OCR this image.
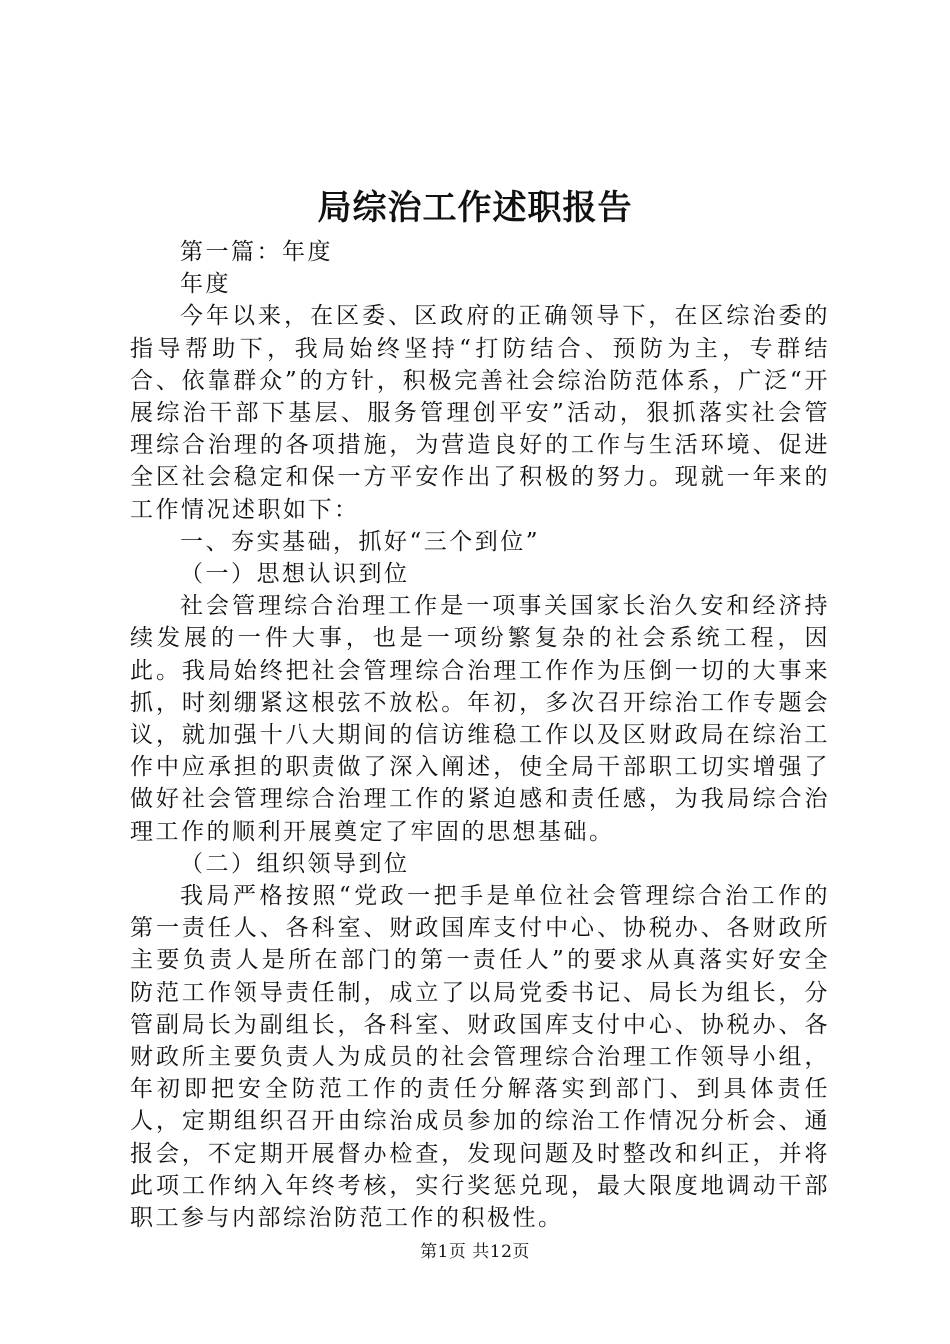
局综治工作述职报告

第一篇：年度

年度

今年以来，在区委、区政府的正确领导下，在区综治委的指导帮助下，我局始终坚持“打防结合、预防为主，专群结合、依靠群众”的方针，积极完善社会综治防范体系，广泛“开展综治干部下基层、服务管理创平安”活动，狠抓落实社会管理综合治理的各项措施，为营造良好的工作与生活环境、促进全区社会稳定和保一方平安作出了积极的努力。现就一年来的工作情况述职如下：

一、夯实基础，抓好“三个到位”

（一）思想认识到位

社会管理综合治理工作是一项事关国家长治久安和经济持续发展的一件大事，也是一项纷繁复杂的社会系统工程，因此。我局始终把社会管理综合治理工作作为压倒一切的大事来抓，时刻绷紧这根弦不放松。年初，多次召开综治工作专题会议，就加强十八大期间的信访维稳工作以及区财政局在综治工作中应承担的职责做了深入阐述，使全局干部职工切实增强了做好社会管理综合治理工作的紧迫感和责任感，为我局综合治理工作的顺利开展奠定了牢固的思想基础。

（二）组织领导到位

我局严格按照“党政一把手是单位社会管理综合治工作的第一责任人、各科室、财政国库支付中心、协税办、各财政所主要负责人是所在部门的第一责任人”的要求从真落实好安全防范工作领导责任制，成立了以局党委书记、局长为组长，分管副局长为副组长，各科室、财政国库支付中心、协税办、各财政所主要负责人为成员的社会管理综合治理工作领导小组，年初即把安全防范工作的责任分解落实到部门、到具体责任人，定期组织召开由综治成员参加的综治工作情况分析会、通报会，不定期开展督办检查，发现问题及时整改和纠正，并将此项工作纳入年终考核，实行奖惩兑现，最大限度地调动干部职工参与内部综治防范工作的积极性。

第1页 共12页
